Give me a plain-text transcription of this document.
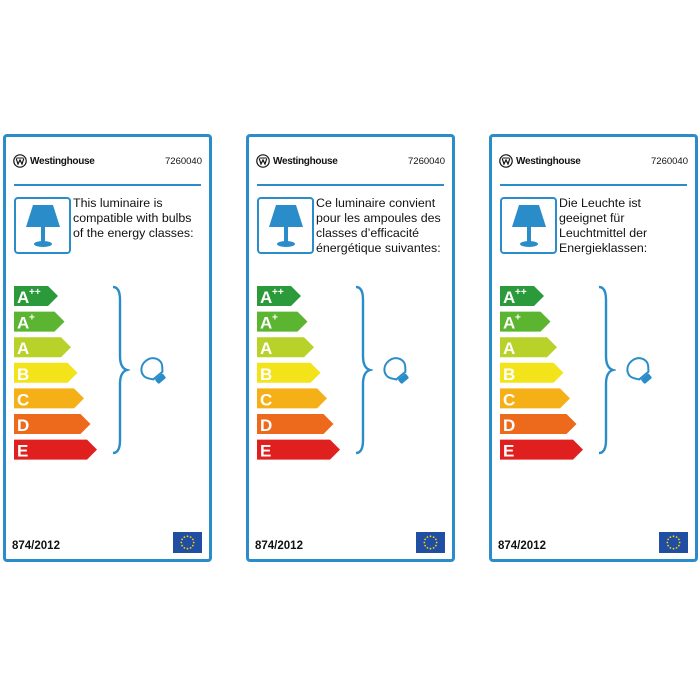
Westinghouse	7260040
This luminaire is
compatible with bulbs
of the energy classes:
A ++
A +
A
B
C
D
E
874/2012
Westinghouse	7260040
Ce luminaire convient
pour les ampoules des
classes d’efficacité
énergétique suivantes:
A ++
A +
A
B
C
D
E
874/2012
Westinghouse	7260040
Die Leuchte ist
geeignet für
Leuchtmittel der
Energieklassen:
A ++
A +
A
B
C
D
E
874/2012
